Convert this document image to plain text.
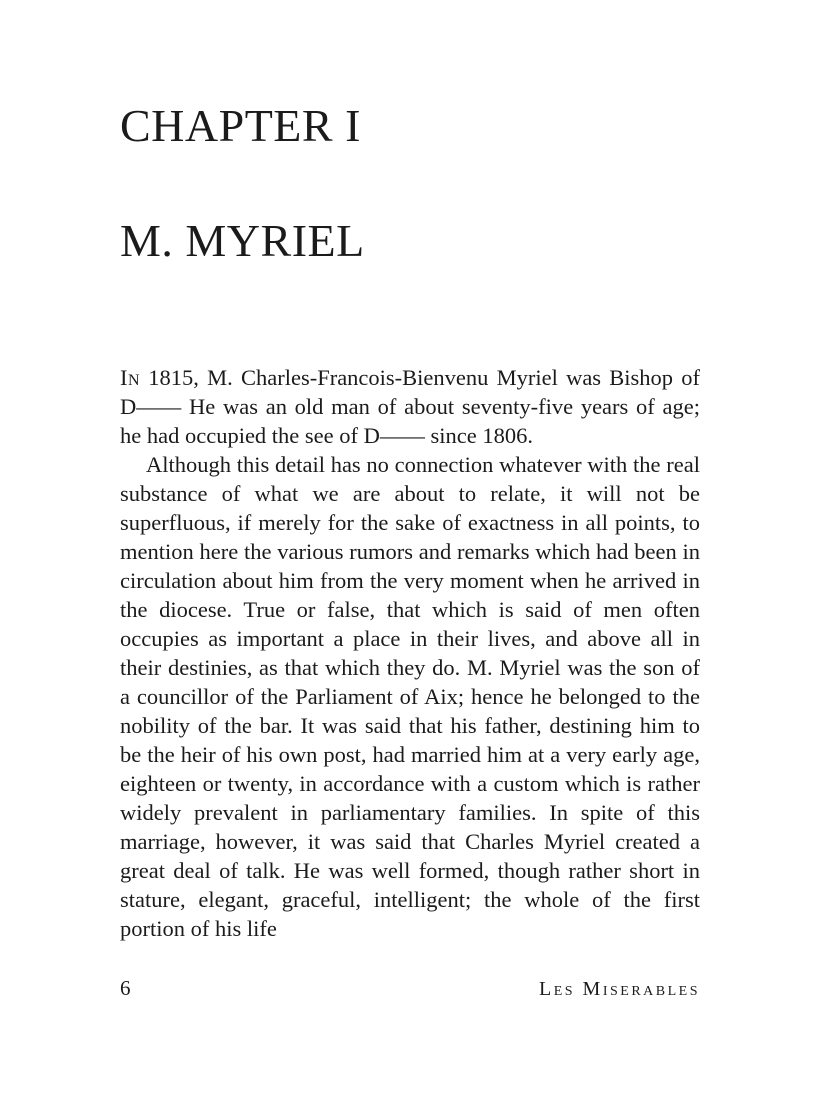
CHAPTER I
M. MYRIEL

In 1815, M. Charles-Francois-Bienvenu Myriel was Bishop of D—— He was an old man of about seventy-five years of age; he had occupied the see of D—— since 1806.

Although this detail has no connection whatever with the real substance of what we are about to relate, it will not be superfluous, if merely for the sake of exactness in all points, to mention here the various rumors and remarks which had been in circulation about him from the very moment when he arrived in the diocese. True or false, that which is said of men often occupies as important a place in their lives, and above all in their destinies, as that which they do. M. Myriel was the son of a councillor of the Parliament of Aix; hence he belonged to the nobility of the bar. It was said that his father, destining him to be the heir of his own post, had married him at a very early age, eighteen or twenty, in accordance with a custom which is rather widely prevalent in parliamentary families. In spite of this marriage, however, it was said that Charles Myriel created a great deal of talk. He was well formed, though rather short in stature, elegant, graceful, intelligent; the whole of the first portion of his life

6	Les Miserables
